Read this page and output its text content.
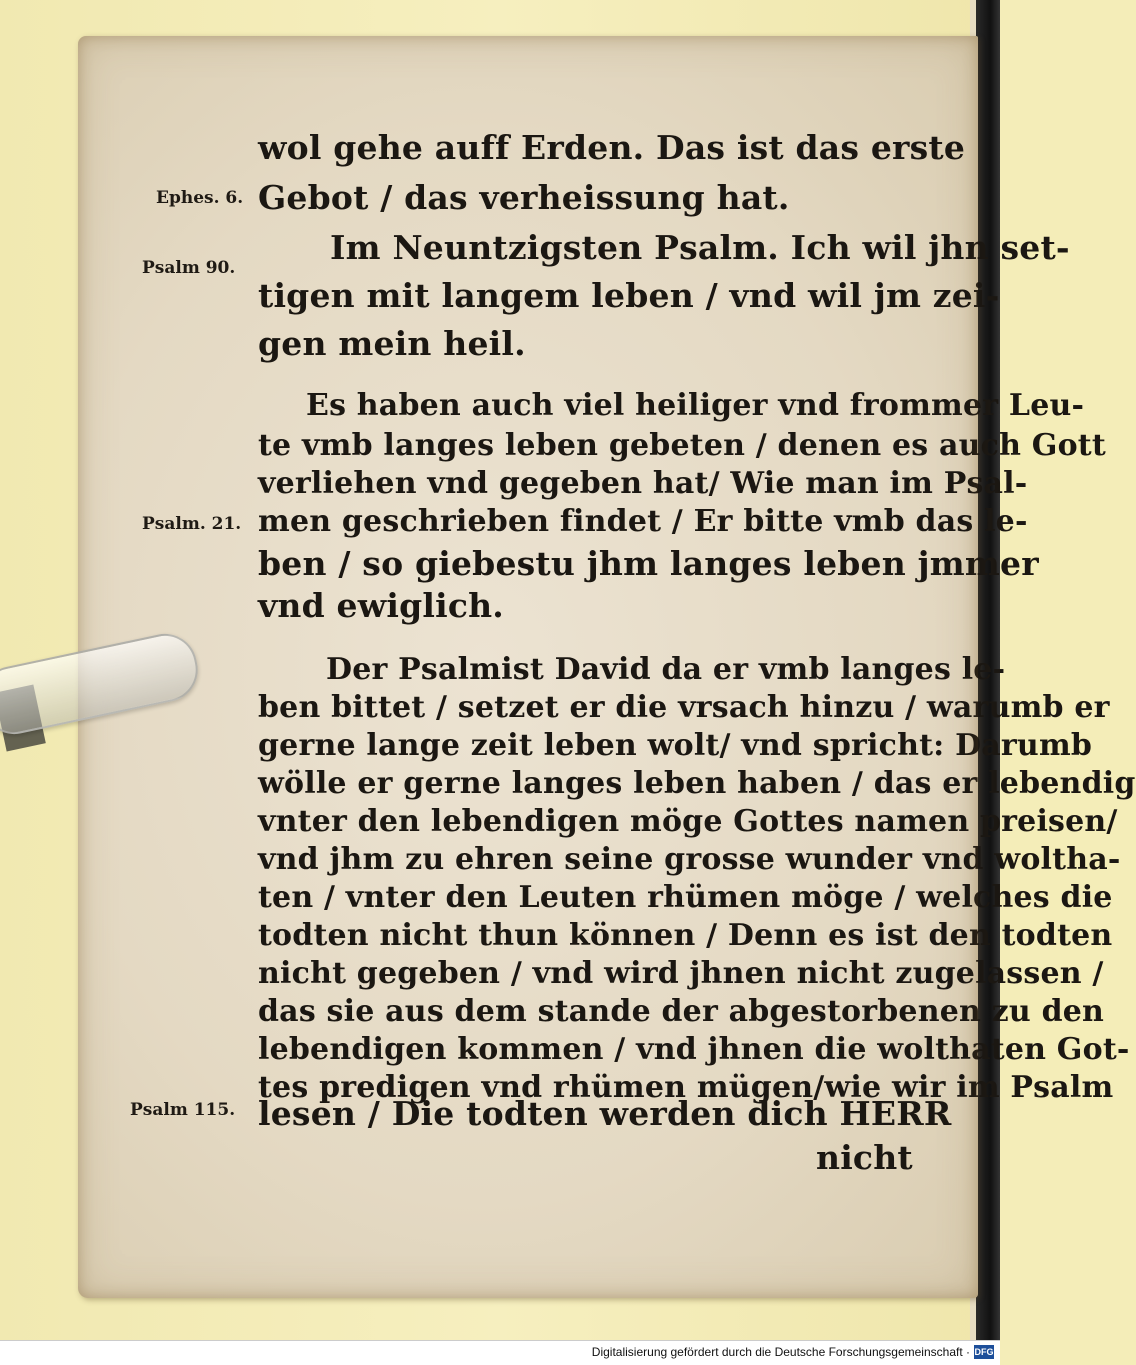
Ephes. 6.
Psalm 90.
Psalm. 21.
Psalm 115.
wol gehe auff Erden. Das ist das erste
Gebot / das verheissung hat.
Im Neuntzigsten Psalm. Ich wil jhn set-
tigen mit langem leben / vnd wil jm zei-
gen mein heil.
Es haben auch viel heiliger vnd frommer Leu-
te vmb langes leben gebeten / denen es auch Gott
verliehen vnd gegeben hat/ Wie man im Psal-
men geschrieben findet / Er bitte vmb das le-
ben / so giebestu jhm langes leben jmmer
vnd ewiglich.
Der Psalmist David da er vmb langes le-
ben bittet / setzet er die vrsach hinzu / warumb er
gerne lange zeit leben wolt/ vnd spricht: Darumb
wölle er gerne langes leben haben / das er lebendig
vnter den lebendigen möge Gottes namen preisen/
vnd jhm zu ehren seine grosse wunder vnd woltha-
ten / vnter den Leuten rhümen möge / welches die
todten nicht thun können / Denn es ist den todten
nicht gegeben / vnd wird jhnen nicht zugelassen /
das sie aus dem stande der abgestorbenen zu den
lebendigen kommen / vnd jhnen die wolthaten Got-
tes predigen vnd rhümen mügen/wie wir im Psalm
lesen / Die todten werden dich HERR
nicht
Digitalisierung gefördert durch die Deutsche Forschungsgemeinschaft · DFG
